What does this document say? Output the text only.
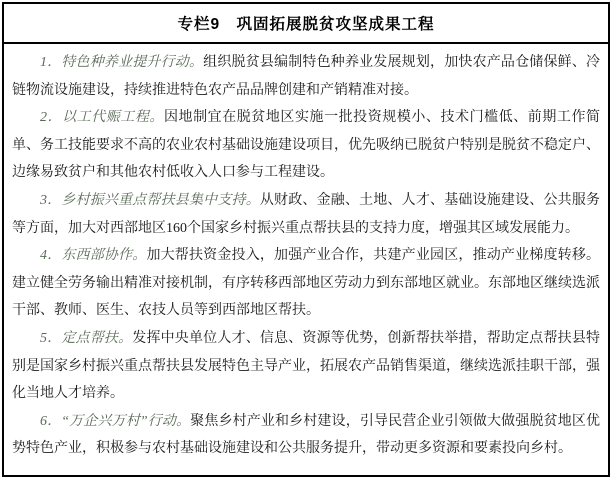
专栏9　巩固拓展脱贫攻坚成果工程

1．特色种养业提升行动。组织脱贫县编制特色种养业发展规划，加快农产品仓储保鲜、冷链物流设施建设，持续推进特色农产品品牌创建和产销精准对接。

2．以工代赈工程。因地制宜在脱贫地区实施一批投资规模小、技术门槛低、前期工作简单、务工技能要求不高的农业农村基础设施建设项目，优先吸纳已脱贫户特别是脱贫不稳定户、边缘易致贫户和其他农村低收入人口参与工程建设。

3．乡村振兴重点帮扶县集中支持。从财政、金融、土地、人才、基础设施建设、公共服务等方面，加大对西部地区160个国家乡村振兴重点帮扶县的支持力度，增强其区域发展能力。

4．东西部协作。加大帮扶资金投入，加强产业合作，共建产业园区，推动产业梯度转移。建立健全劳务输出精准对接机制，有序转移西部地区劳动力到东部地区就业。东部地区继续选派干部、教师、医生、农技人员等到西部地区帮扶。

5．定点帮扶。发挥中央单位人才、信息、资源等优势，创新帮扶举措，帮助定点帮扶县特别是国家乡村振兴重点帮扶县发展特色主导产业，拓展农产品销售渠道，继续选派挂职干部，强化当地人才培养。

6．“万企兴万村”行动。聚焦乡村产业和乡村建设，引导民营企业引领做大做强脱贫地区优势特色产业，积极参与农村基础设施建设和公共服务提升，带动更多资源和要素投向乡村。
